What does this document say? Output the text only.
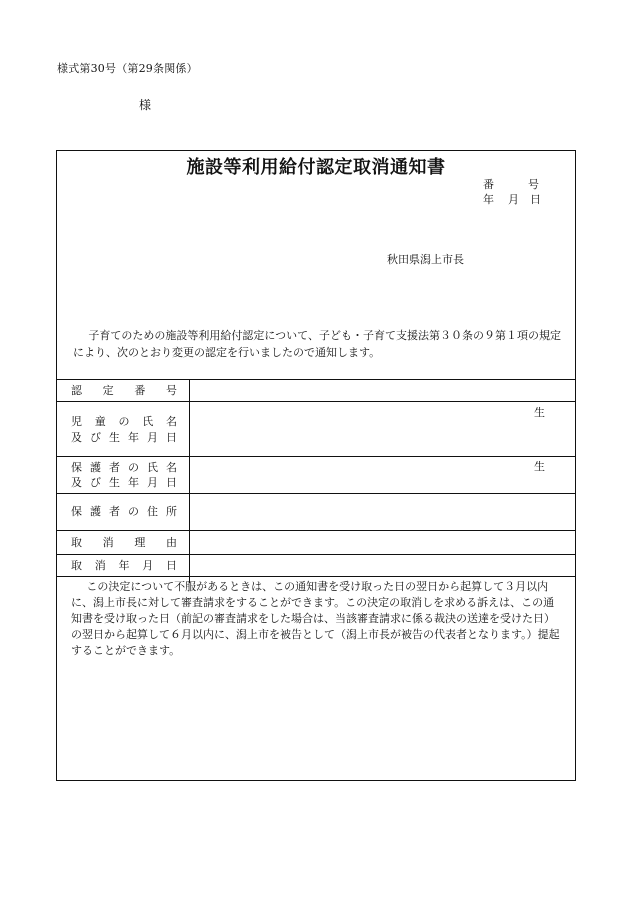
様式第30号（第29条関係）
様
施設等利用給付認定取消通知書
番	号
年 月 日
秋田県潟上市長

子育てのための施設等利用給付認定について、子ども・子育て支援法第３０条の９第１項の規定により、次のとおり変更の認定を行いましたので通知します。

認定番号
児童の氏名
及び生年月日
生
保護者の氏名
及び生年月日
生
保護者の住所
取消理由
取消年月日

この決定について不服があるときは、この通知書を受け取った日の翌日から起算して３月以内に、潟上市長に対して審査請求をすることができます。この決定の取消しを求める訴えは、この通知書を受け取った日（前記の審査請求をした場合は、当該審査請求に係る裁決の送達を受けた日）の翌日から起算して６月以内に、潟上市を被告として（潟上市長が被告の代表者となります。）提起することができます。
